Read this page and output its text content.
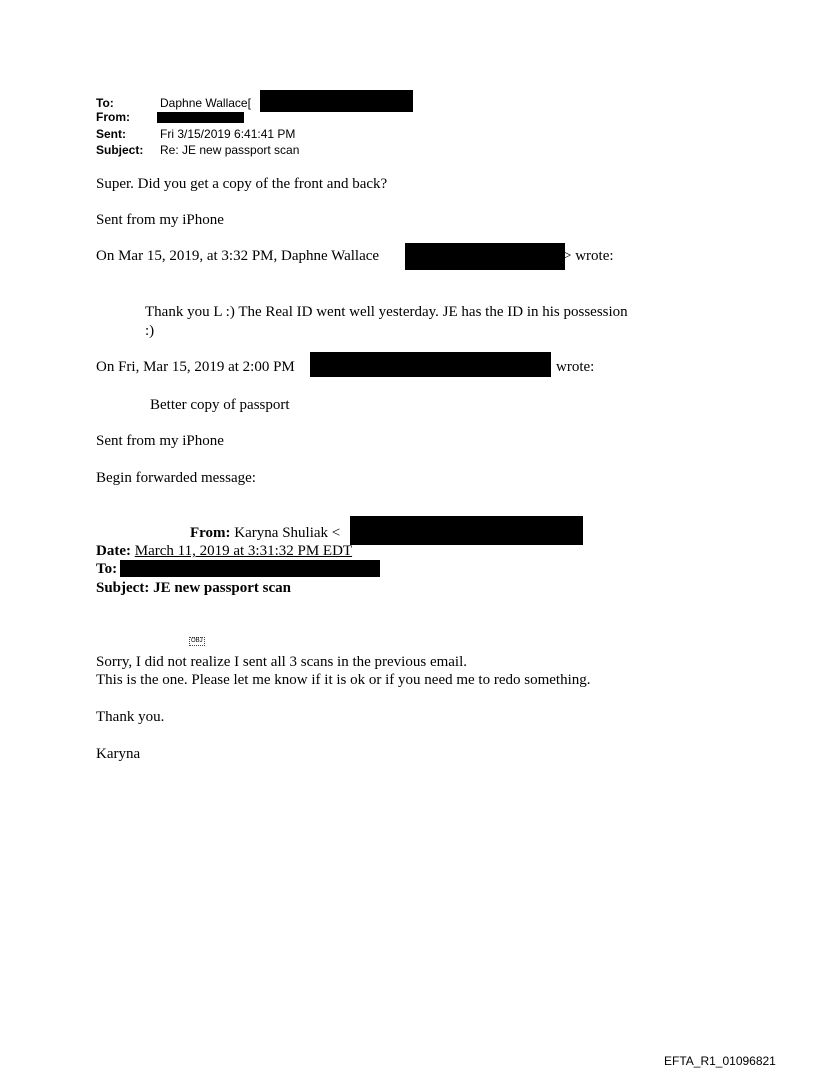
To:	Daphne Wallace[
From:
Sent:	Fri 3/15/2019 6:41:41 PM
Subject: Re: JE new passport scan
Super. Did you get a copy of the front and back?
Sent from my iPhone
On Mar 15, 2019, at 3:32 PM, Daphne Wallace	> wrote:
Thank you L :) The Real ID went well yesterday. JE has the ID in his possession
:)
On Fri, Mar 15, 2019 at 2:00 PM	wrote:
Better copy of passport
Sent from my iPhone
Begin forwarded message:
From: Karyna Shuliak <
Date: March 11, 2019 at 3:31:32 PM EDT
To:
Subject: JE new passport scan
OBJ
Sorry, I did not realize I sent all 3 scans in the previous email.
This is the one. Please let me know if it is ok or if you need me to redo something.
Thank you.
Karyna
EFTA_R1_01096821
